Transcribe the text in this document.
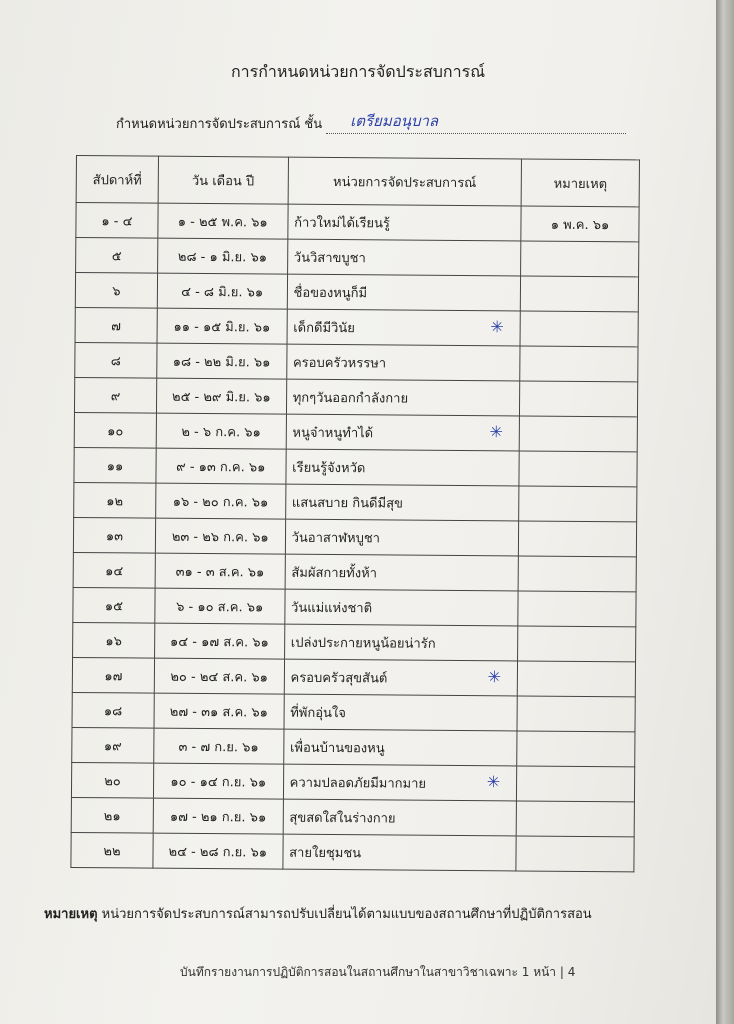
การกำหนดหน่วยการจัดประสบการณ์
กำหนดหน่วยการจัดประสบการณ์ ชั้น เตรียมอนุบาล
สัปดาห์ที่	วัน เดือน ปี	หน่วยการจัดประสบการณ์	หมายเหตุ
๑ - ๔	๑ - ๒๕ พ.ค. ๖๑	ก้าวใหม่ได้เรียนรู้	๑ พ.ค. ๖๑
๕	๒๘ - ๑ มิ.ย. ๖๑	วันวิสาขบูชา	
๖	๔ - ๘ มิ.ย. ๖๑	ชื่อของหนูก็มี	
๗	๑๑ - ๑๕ มิ.ย. ๖๑	เด็กดีมีวินัย ✳	

๘	๑๘ - ๒๒ มิ.ย. ๖๑	ครอบครัวหรรษา	
๙	๒๕ - ๒๙ มิ.ย. ๖๑	ทุกๆวันออกกำลังกาย	
๑๐	๒ - ๖ ก.ค. ๖๑	หนูจ๋าหนูทำได้ ✳	

๑๑	๙ - ๑๓ ก.ค. ๖๑	เรียนรู้จังหวัด	
๑๒	๑๖ - ๒๐ ก.ค. ๖๑	แสนสบาย กินดีมีสุข	
๑๓	๒๓ - ๒๖ ก.ค. ๖๑	วันอาสาฬหบูชา	
๑๔	๓๑ - ๓ ส.ค. ๖๑	สัมผัสกายทั้งห้า	
๑๕	๖ - ๑๐ ส.ค. ๖๑	วันแม่แห่งชาติ	
๑๖	๑๔ - ๑๗ ส.ค. ๖๑	เปล่งประกายหนูน้อยน่ารัก	
๑๗	๒๐ - ๒๔ ส.ค. ๖๑	ครอบครัวสุขสันต์ ✳	

๑๘	๒๗ - ๓๑ ส.ค. ๖๑	ที่พักอุ่นใจ	
๑๙	๓ - ๗ ก.ย. ๖๑	เพื่อนบ้านของหนู	
๒๐	๑๐ - ๑๔ ก.ย. ๖๑	ความปลอดภัยมีมากมาย ✳	

๒๑	๑๗ - ๒๑ ก.ย. ๖๑	สุขสดใสในร่างกาย	
๒๒	๒๔ - ๒๘ ก.ย. ๖๑	สายใยชุมชน	
หมายเหตุ หน่วยการจัดประสบการณ์สามารถปรับเปลี่ยนได้ตามแบบของสถานศึกษาที่ปฏิบัติการสอน
บันทึกรายงานการปฏิบัติการสอนในสถานศึกษาในสาขาวิชาเฉพาะ 1 หน้า | 4
